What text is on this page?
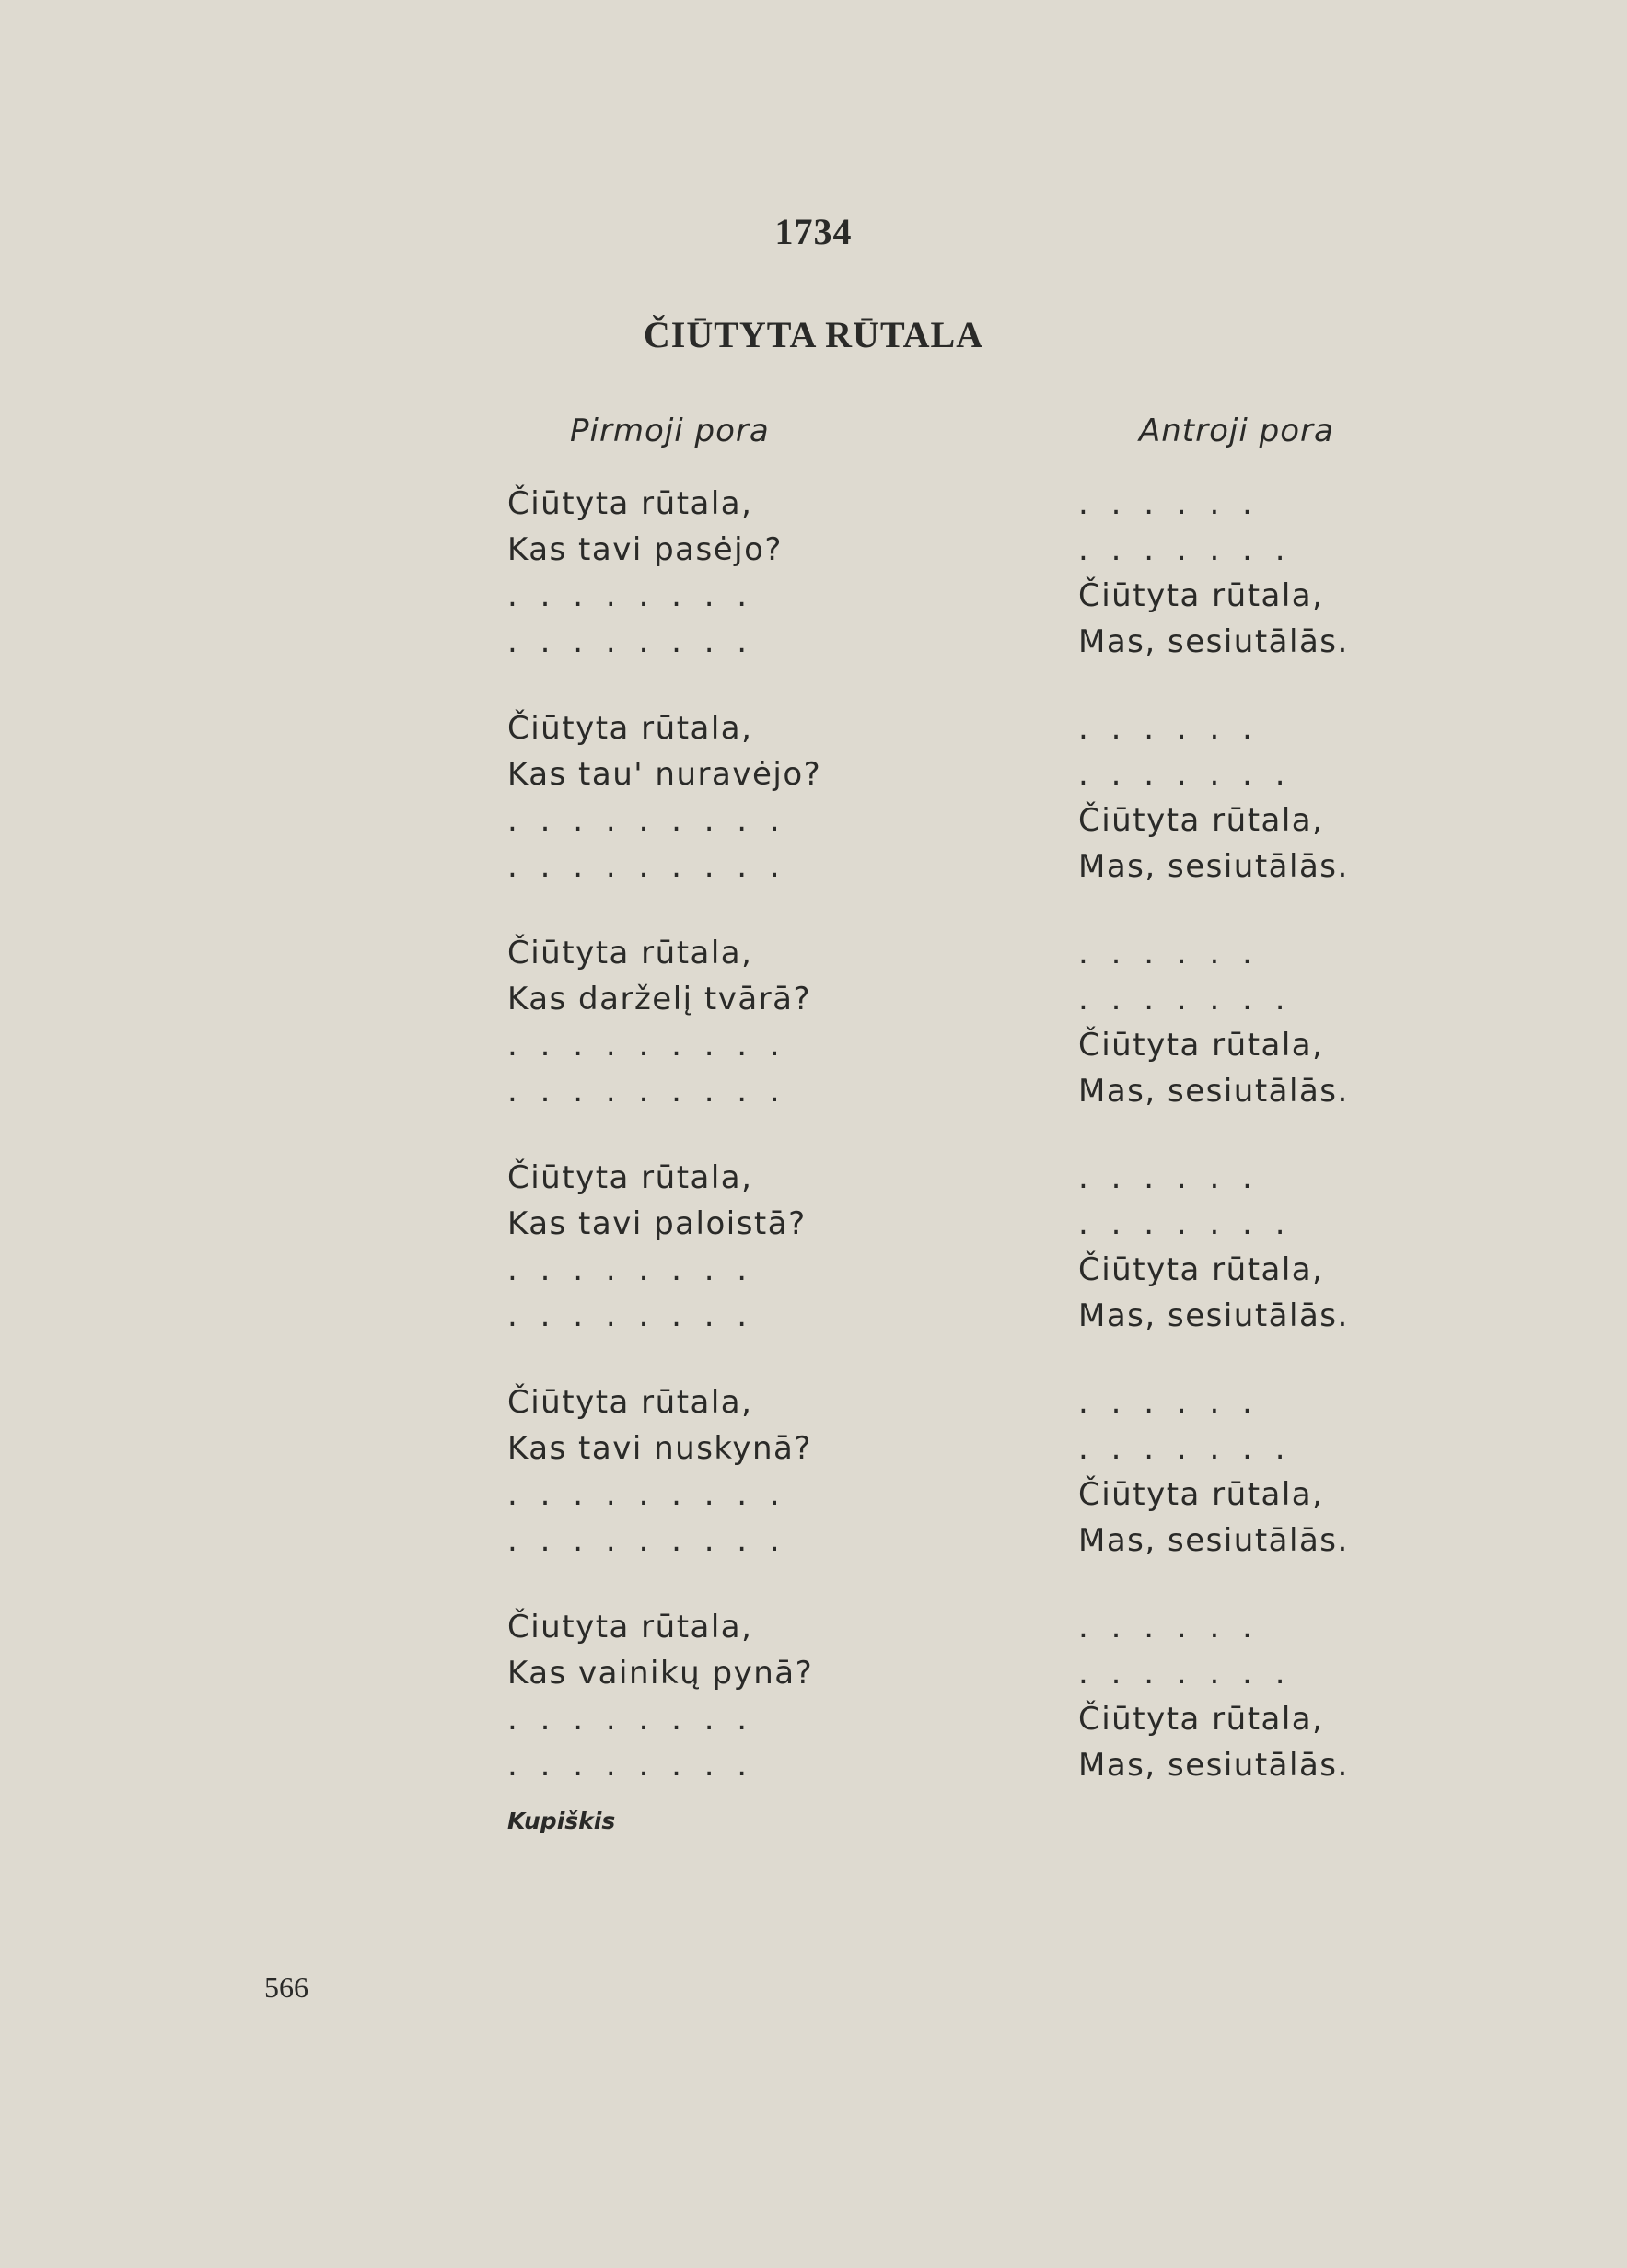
1734
ČIŪTYTA RŪTALA
Pirmoji pora	Antroji pora
Čiūtyta rūtala,
Kas tavi pasėjo?
. . . . . . . .
. . . . . . . .
Čiūtyta rūtala,
Kas tau' nuravėjo?
. . . . . . . . .
. . . . . . . . .
Čiūtyta rūtala,
Kas darželį tvārā?
. . . . . . . . .
. . . . . . . . .
Čiūtyta rūtala,
Kas tavi paloistā?
. . . . . . . .
. . . . . . . .
Čiūtyta rūtala,
Kas tavi nuskynā?
. . . . . . . . .
. . . . . . . . .
Čiutyta rūtala,
Kas vainikų pynā?
. . . . . . . .
. . . . . . . .
. . . . . .
. . . . . . .
Čiūtyta rūtala,
Mas, sesiutālās.
. . . . . .
. . . . . . .
Čiūtyta rūtala,
Mas, sesiutālās.
. . . . . .
. . . . . . .
Čiūtyta rūtala,
Mas, sesiutālās.
. . . . . .
. . . . . . .
Čiūtyta rūtala,
Mas, sesiutālās.
. . . . . .
. . . . . . .
Čiūtyta rūtala,
Mas, sesiutālās.
. . . . . .
. . . . . . .
Čiūtyta rūtala,
Mas, sesiutālās.
Kupiškis
566
